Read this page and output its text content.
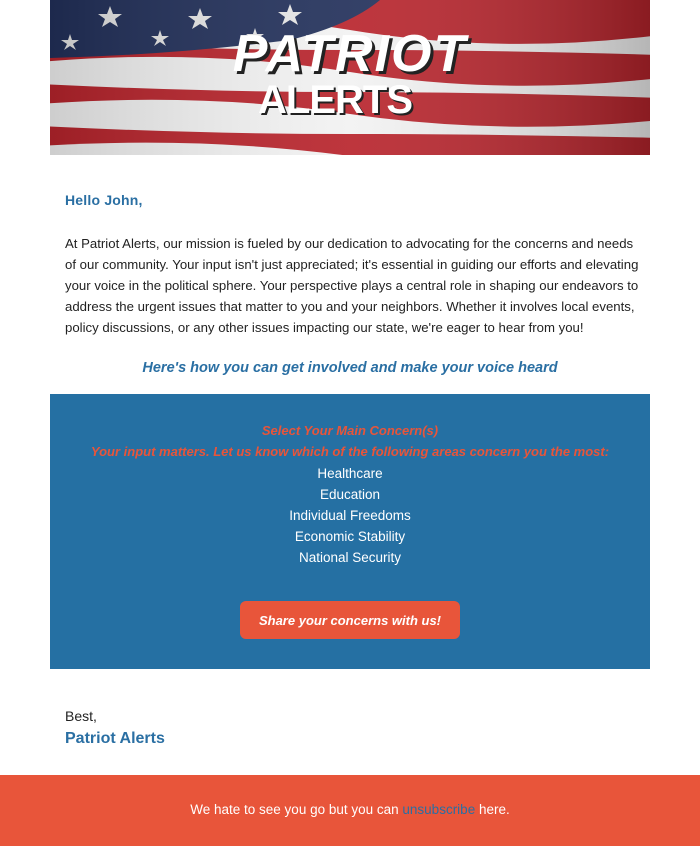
PATRIOT
ALERTS
Hello John,

At Patriot Alerts, our mission is fueled by our dedication to advocating for the concerns and needs of our community. Your input isn't just appreciated; it's essential in guiding our efforts and elevating your voice in the political sphere. Your perspective plays a central role in shaping our endeavors to address the urgent issues that matter to you and your neighbors. Whether it involves local events, policy discussions, or any other issues impacting our state, we're eager to hear from you!

Here's how you can get involved and make your voice heard
Select Your Main Concern(s)
Your input matters. Let us know which of the following areas concern you the most:
Healthcare
Education
Individual Freedoms
Economic Stability
National Security
Share your concerns with us!
Best,
Patriot Alerts
We hate to see you go but you can unsubscribe here.
